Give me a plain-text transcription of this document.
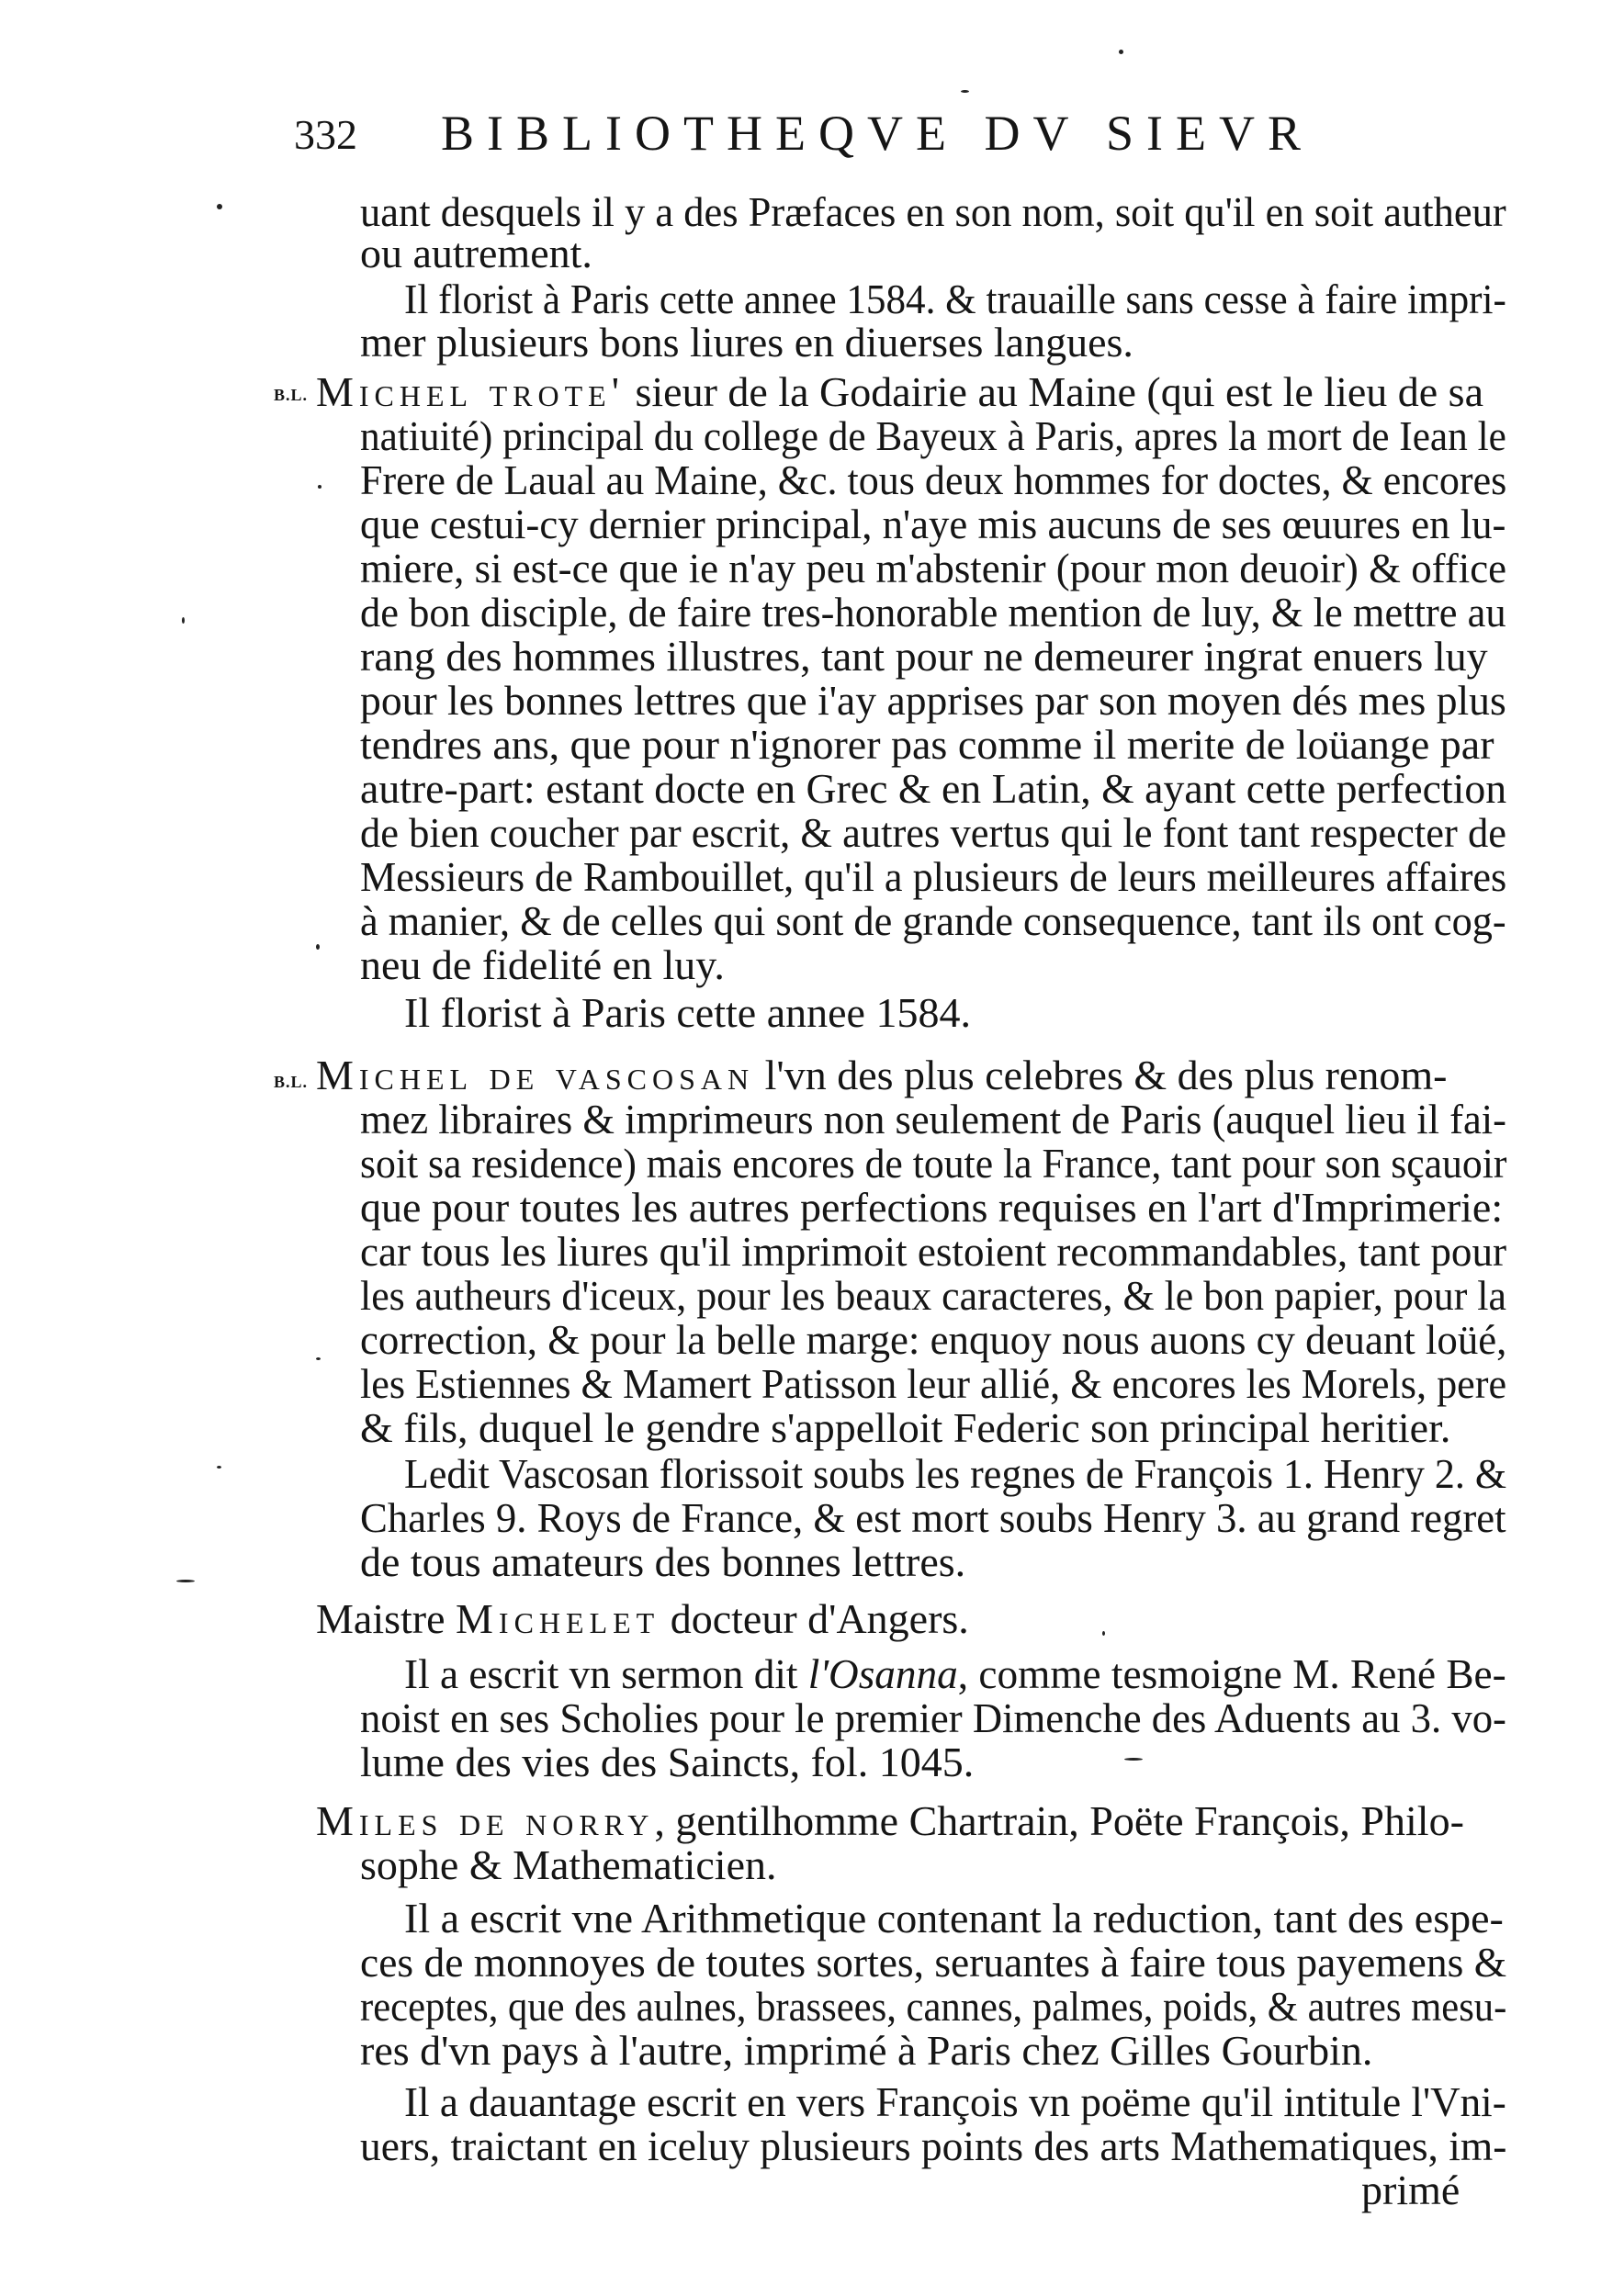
332	BIBLIOTHEQVE DV SIEVR
B.L.
B.L.
uant desquels il y a des Præfaces en son nom, soit qu'il en soit autheur
ou autrement.
Il florist à Paris cette annee 1584. & trauaille sans cesse à faire impri-
mer plusieurs bons liures en diuerses langues.
Michel trote' sieur de la Godairie au Maine (qui est le lieu de sa
natiuité) principal du college de Bayeux à Paris, apres la mort de Iean le
Frere de Laual au Maine, &c. tous deux hommes for doctes, & encores
que cestui-cy dernier principal, n'aye mis aucuns de ses œuures en lu-
miere, si est-ce que ie n'ay peu m'abstenir (pour mon deuoir) & office
de bon disciple, de faire tres-honorable mention de luy, & le mettre au
rang des hommes illustres, tant pour ne demeurer ingrat enuers luy
pour les bonnes lettres que i'ay apprises par son moyen dés mes plus
tendres ans, que pour n'ignorer pas comme il merite de loüange par
autre-part: estant docte en Grec & en Latin, & ayant cette perfection
de bien coucher par escrit, & autres vertus qui le font tant respecter de
Messieurs de Rambouillet, qu'il a plusieurs de leurs meilleures affaires
à manier, & de celles qui sont de grande consequence, tant ils ont cog-
neu de fidelité en luy.
Il florist à Paris cette annee 1584.
Michel de vascosan l'vn des plus celebres & des plus renom-
mez libraires & imprimeurs non seulement de Paris (auquel lieu il fai-
soit sa residence) mais encores de toute la France, tant pour son sçauoir
que pour toutes les autres perfections requises en l'art d'Imprimerie:
car tous les liures qu'il imprimoit estoient recommandables, tant pour
les autheurs d'iceux, pour les beaux caracteres, & le bon papier, pour la
correction, & pour la belle marge: enquoy nous auons cy deuant loüé,
les Estiennes & Mamert Patisson leur allié, & encores les Morels, pere
& fils, duquel le gendre s'appelloit Federic son principal heritier.
Ledit Vascosan florissoit soubs les regnes de François 1. Henry 2. &
Charles 9. Roys de France, & est mort soubs Henry 3. au grand regret
de tous amateurs des bonnes lettres.
Maistre Michelet docteur d'Angers.
Il a escrit vn sermon dit l'Osanna, comme tesmoigne M. René Be-
noist en ses Scholies pour le premier Dimenche des Aduents au 3. vo-
lume des vies des Saincts, fol. 1045.
Miles de norry, gentilhomme Chartrain, Poëte François, Philo-
sophe & Mathematicien.
Il a escrit vne Arithmetique contenant la reduction, tant des espe-
ces de monnoyes de toutes sortes, seruantes à faire tous payemens &
receptes, que des aulnes, brassees, cannes, palmes, poids, & autres mesu-
res d'vn pays à l'autre, imprimé à Paris chez Gilles Gourbin.
Il a dauantage escrit en vers François vn poëme qu'il intitule l'Vni-
uers, traictant en iceluy plusieurs points des arts Mathematiques, im-
primé
